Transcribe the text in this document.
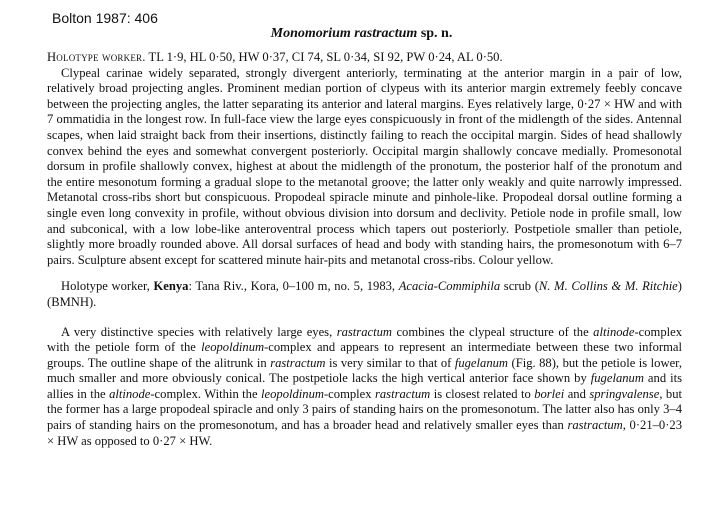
Bolton 1987: 406
Monomorium rastractum sp. n.

Holotype worker. TL 1·9, HL 0·50, HW 0·37, CI 74, SL 0·34, SI 92, PW 0·24, AL 0·50.

Clypeal carinae widely separated, strongly divergent anteriorly, terminating at the anterior margin in a pair of low, relatively broad projecting angles. Prominent median portion of clypeus with its anterior margin extremely feebly concave between the projecting angles, the latter separating its anterior and lateral margins. Eyes relatively large, 0·27 × HW and with 7 ommatidia in the longest row. In full-face view the large eyes conspicuously in front of the midlength of the sides. Antennal scapes, when laid straight back from their insertions, distinctly failing to reach the occipital margin. Sides of head shallowly convex behind the eyes and somewhat convergent posteriorly. Occipital margin shallowly concave medially. Promesonotal dorsum in profile shallowly convex, highest at about the midlength of the pronotum, the posterior half of the pronotum and the entire mesonotum forming a gradual slope to the metanotal groove; the latter only weakly and quite narrowly impressed. Metanotal cross-ribs short but conspicuous. Propodeal spiracle minute and pinhole-like. Propodeal dorsal outline forming a single even long convexity in profile, without obvious division into dorsum and declivity. Petiole node in profile small, low and subconical, with a low lobe-like anteroventral process which tapers out posteriorly. Postpetiole smaller than petiole, slightly more broadly rounded above. All dorsal surfaces of head and body with standing hairs, the promesonotum with 6–7 pairs. Sculpture absent except for scattered minute hair-pits and metanotal cross-ribs. Colour yellow.

Holotype worker, Kenya: Tana Riv., Kora, 0–100 m, no. 5, 1983, Acacia-Commiphila scrub (N. M. Collins & M. Ritchie) (BMNH).

A very distinctive species with relatively large eyes, rastractum combines the clypeal structure of the altinode-complex with the petiole form of the leopoldinum-complex and appears to represent an intermediate between these two informal groups. The outline shape of the alitrunk in rastractum is very similar to that of fugelanum (Fig. 88), but the petiole is lower, much smaller and more obviously conical. The postpetiole lacks the high vertical anterior face shown by fugelanum and its allies in the altinode-complex. Within the leopoldinum-complex rastractum is closest related to borlei and springvalense, but the former has a large propodeal spiracle and only 3 pairs of standing hairs on the promesonotum. The latter also has only 3–4 pairs of standing hairs on the promesonotum, and has a broader head and relatively smaller eyes than rastractum, 0·21–0·23 × HW as opposed to 0·27 × HW.
